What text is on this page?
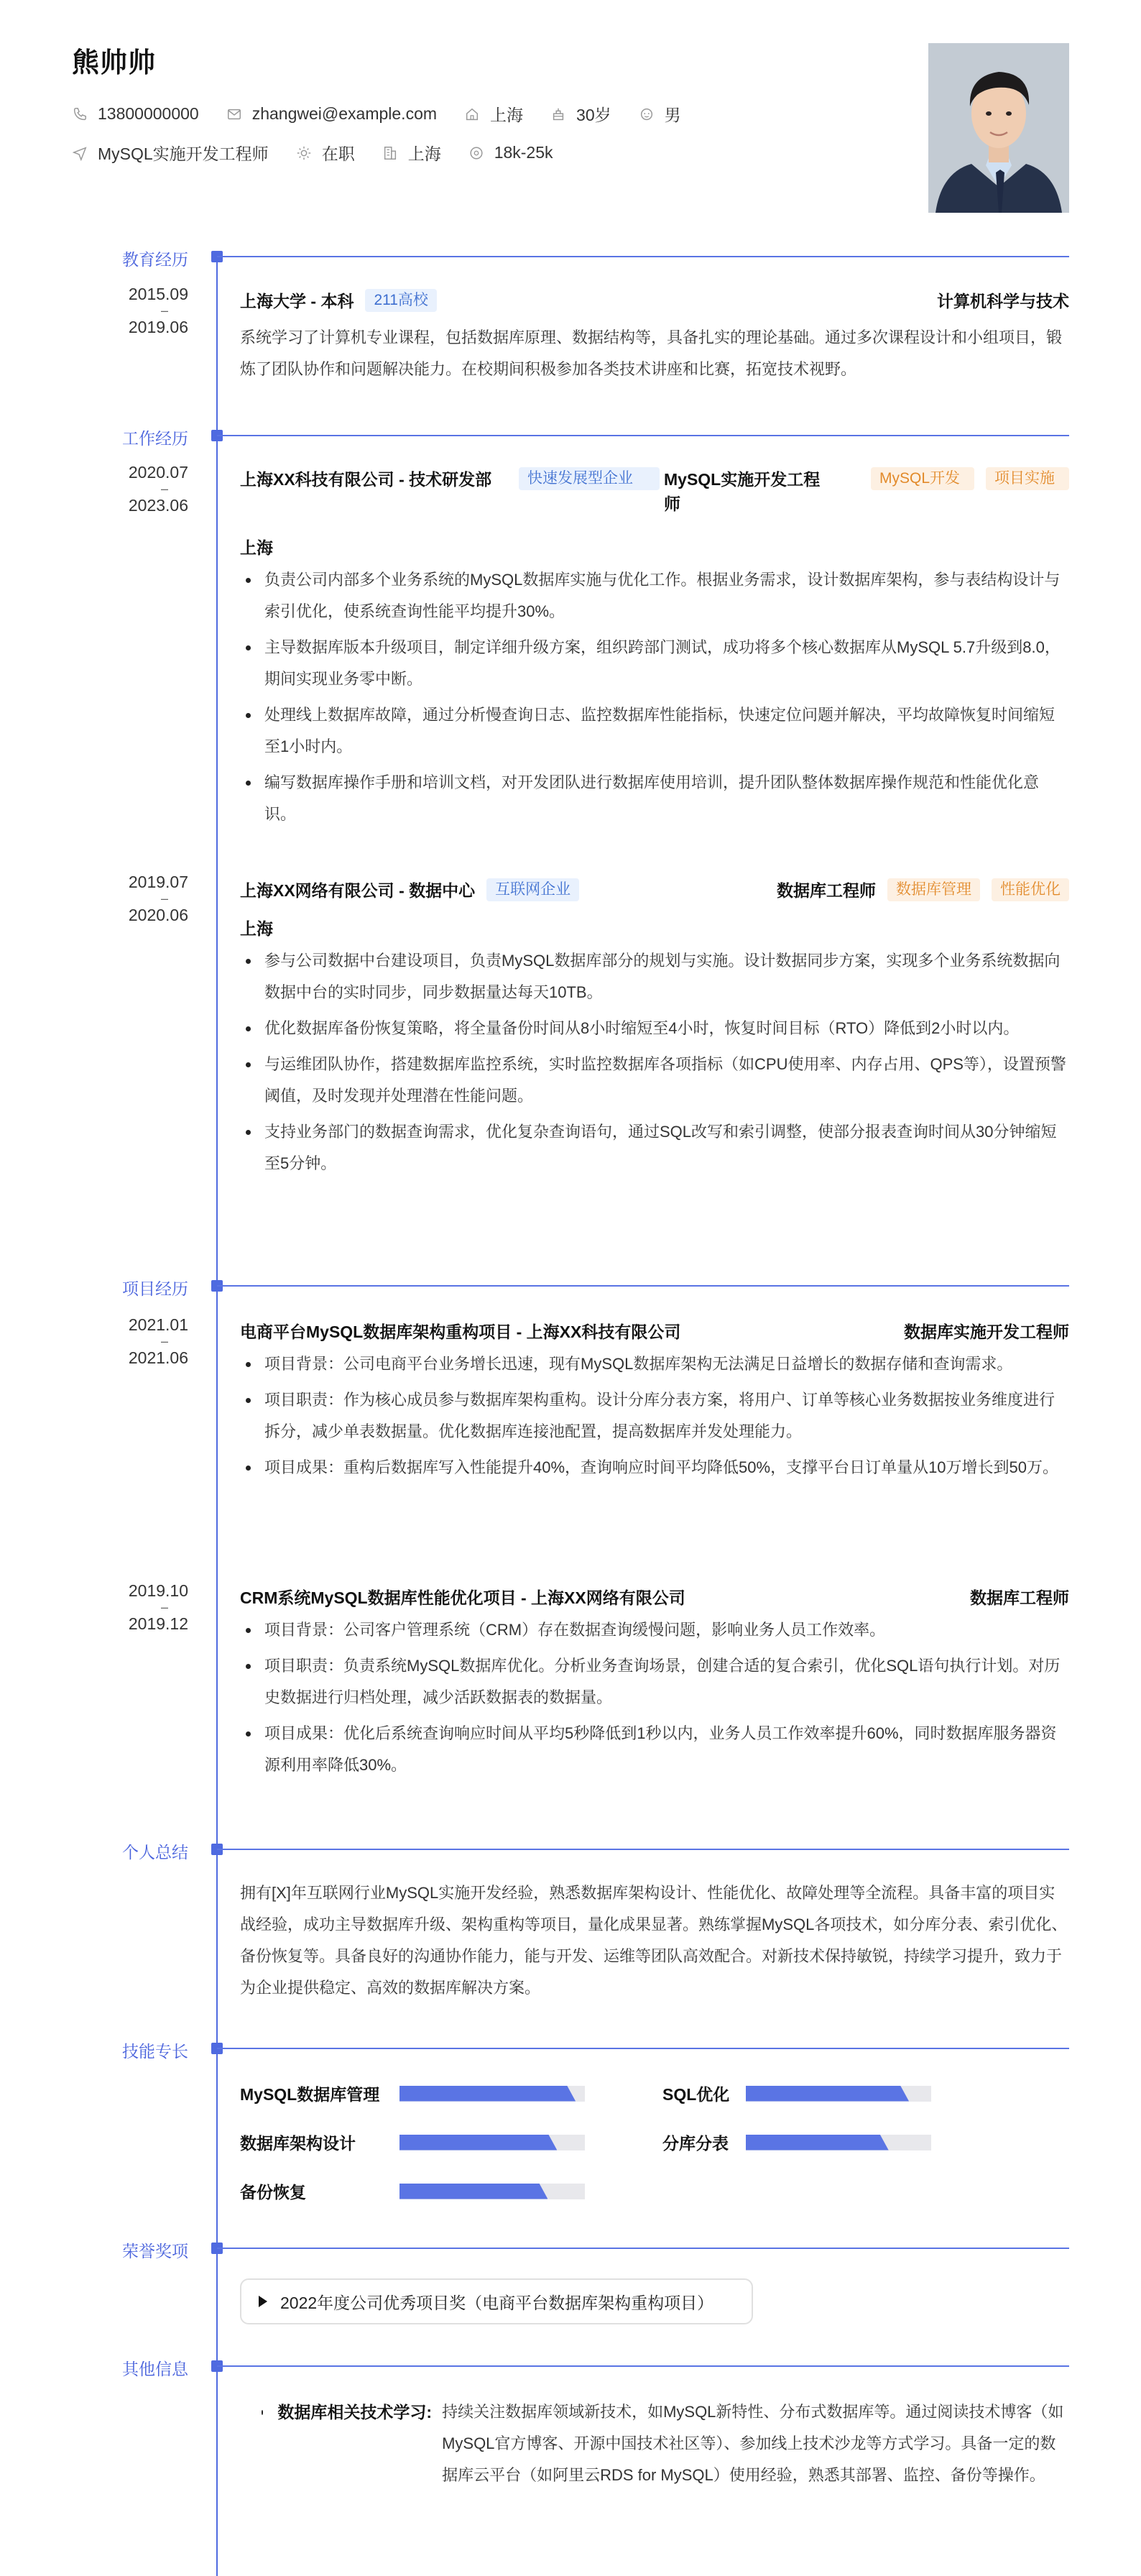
熊帅帅
13800000000	zhangwei@example.com	上海	30岁	男
MySQL实施开发工程师	在职	上海	18k-25k
教育经历
2015.09
–
2019.06
上海大学 - 本科	211高校	计算机科学与技术
系统学习了计算机专业课程，包括数据库原理、数据结构等，具备扎实的理论基础。通过多次课程设计和小组项目，锻炼了团队协作和问题解决能力。在校期间积极参加各类技术讲座和比赛，拓宽技术视野。
工作经历
2020.07
–
2023.06
上海XX科技有限公司 - 技术研发部	快速发展型企业	MySQL实施开发工程师
MySQL开发	项目实施
上海
负责公司内部多个业务系统的MySQL数据库实施与优化工作。根据业务需求，设计数据库架构，参与表结构设计与索引优化，使系统查询性能平均提升30%。
主导数据库版本升级项目，制定详细升级方案，组织跨部门测试，成功将多个核心数据库从MySQL 5.7升级到8.0，期间实现业务零中断。
处理线上数据库故障，通过分析慢查询日志、监控数据库性能指标，快速定位问题并解决，平均故障恢复时间缩短至1小时内。
编写数据库操作手册和培训文档，对开发团队进行数据库使用培训，提升团队整体数据库操作规范和性能优化意识。
2019.07
–
2020.06
上海XX网络有限公司 - 数据中心	互联网企业	数据库工程师	数据库管理	性能优化
上海
参与公司数据中台建设项目，负责MySQL数据库部分的规划与实施。设计数据同步方案，实现多个业务系统数据向数据中台的实时同步，同步数据量达每天10TB。
优化数据库备份恢复策略，将全量备份时间从8小时缩短至4小时，恢复时间目标（RTO）降低到2小时以内。
与运维团队协作，搭建数据库监控系统，实时监控数据库各项指标（如CPU使用率、内存占用、QPS等），设置预警阈值，及时发现并处理潜在性能问题。
支持业务部门的数据查询需求，优化复杂查询语句，通过SQL改写和索引调整，使部分报表查询时间从30分钟缩短至5分钟。
项目经历
2021.01
–
2021.06
电商平台MySQL数据库架构重构项目 - 上海XX科技有限公司	数据库实施开发工程师
项目背景：公司电商平台业务增长迅速，现有MySQL数据库架构无法满足日益增长的数据存储和查询需求。
项目职责：作为核心成员参与数据库架构重构。设计分库分表方案，将用户、订单等核心业务数据按业务维度进行拆分，减少单表数据量。优化数据库连接池配置，提高数据库并发处理能力。
项目成果：重构后数据库写入性能提升40%，查询响应时间平均降低50%，支撑平台日订单量从10万增长到50万。
2019.10
–
2019.12
CRM系统MySQL数据库性能优化项目 - 上海XX网络有限公司	数据库工程师
项目背景：公司客户管理系统（CRM）存在数据查询缓慢问题，影响业务人员工作效率。
项目职责：负责系统MySQL数据库优化。分析业务查询场景，创建合适的复合索引，优化SQL语句执行计划。对历史数据进行归档处理，减少活跃数据表的数据量。
项目成果：优化后系统查询响应时间从平均5秒降低到1秒以内，业务人员工作效率提升60%，同时数据库服务器资源利用率降低30%。
个人总结
拥有[X]年互联网行业MySQL实施开发经验，熟悉数据库架构设计、性能优化、故障处理等全流程。具备丰富的项目实战经验，成功主导数据库升级、架构重构等项目，量化成果显著。熟练掌握MySQL各项技术，如分库分表、索引优化、备份恢复等。具备良好的沟通协作能力，能与开发、运维等团队高效配合。对新技术保持敏锐，持续学习提升，致力于为企业提供稳定、高效的数据库解决方案。
技能专长
MySQL数据库管理	SQL优化
数据库架构设计	分库分表
备份恢复
荣誉奖项
2022年度公司优秀项目奖（电商平台数据库架构重构项目）
其他信息
数据库相关技术学习: 持续关注数据库领域新技术，如MySQL新特性、分布式数据库等。通过阅读技术博客（如MySQL官方博客、开源中国技术社区等）、参加线上技术沙龙等方式学习。具备一定的数据库云平台（如阿里云RDS for MySQL）使用经验，熟悉其部署、监控、备份等操作。
